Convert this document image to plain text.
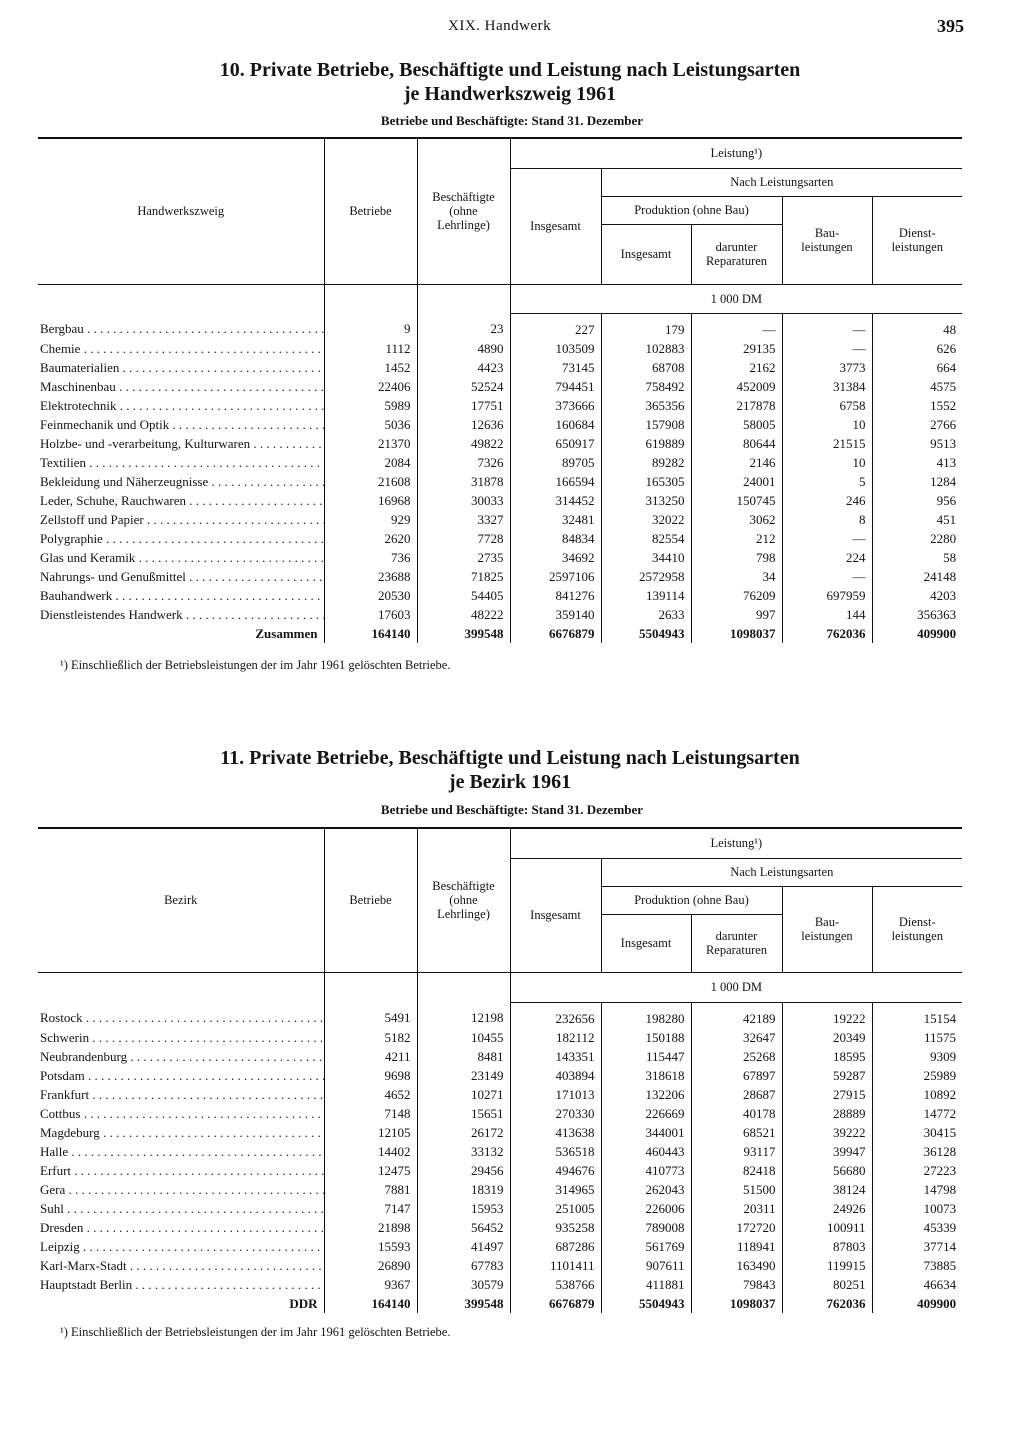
XIX. Handwerk	395
10. Private Betriebe, Beschäftigte und Leistung nach Leistungsarten
je Handwerkszweig 1961
Betriebe und Beschäftigte: Stand 31. Dezember
Handwerkszweig	Betriebe	Beschäftigte (ohne Lehrlinge)	Leistung¹)				
			Insgesamt	Nach Leistungsarten			
				Produktion (ohne Bau)		Bau-leistungen	Dienst-leistungen

				Insgesamt	darunter Reparaturen		

			1 000 DM				

Bergbau . . .	9	23	227	179	—	—	48

Chemie . . .	1112	4890	103509	102883	29135	—	626

Baumaterialien . . .	1452	4423	73145	68708	2162	3773	664

Maschinenbau . . .	22406	52524	794451	758492	452009	31384	4575

Elektrotechnik . . .	5989	17751	373666	365356	217878	6758	1552

Feinmechanik und Optik . . .	5036	12636	160684	157908	58005	10	2766

Holzbe- und -verarbeitung, Kulturwaren . . .	21370	49822	650917	619889	80644	21515	9513

Textilien . . .	2084	7326	89705	89282	2146	10	413

Bekleidung und Näherzeugnisse . . .	21608	31878	166594	165305	24001	5	1284

Leder, Schuhe, Rauchwaren . . .	16968	30033	314452	313250	150745	246	956

Zellstoff und Papier . . .	929	3327	32481	32022	3062	8	451

Polygraphie . . .	2620	7728	84834	82554	212	—	2280

Glas und Keramik . . .	736	2735	34692	34410	798	224	58

Nahrungs- und Genußmittel . . .	23688	71825	2597106	2572958	34	—	24148

Bauhandwerk . . .	20530	54405	841276	139114	76209	697959	4203

Dienstleistendes Handwerk . . .	17603	48222	359140	2633	997	144	356363
Zusammen	164140	399548	6676879	5504943	1098037	762036	409900
¹) Einschließlich der Betriebsleistungen der im Jahr 1961 gelöschten Betriebe.
11. Private Betriebe, Beschäftigte und Leistung nach Leistungsarten
je Bezirk 1961
Betriebe und Beschäftigte: Stand 31. Dezember
Bezirk	Betriebe	Beschäftigte (ohne Lehrlinge)	Leistung¹)				
			Insgesamt	Nach Leistungsarten			
				Produktion (ohne Bau)		Bau-leistungen	Dienst-leistungen

				Insgesamt	darunter Reparaturen		

			1 000 DM				

Rostock . . .	5491	12198	232656	198280	42189	19222	15154

Schwerin . . .	5182	10455	182112	150188	32647	20349	11575

Neubrandenburg . . .	4211	8481	143351	115447	25268	18595	9309

Potsdam . . .	9698	23149	403894	318618	67897	59287	25989

Frankfurt . . .	4652	10271	171013	132206	28687	27915	10892

Cottbus . . .	7148	15651	270330	226669	40178	28889	14772

Magdeburg . . .	12105	26172	413638	344001	68521	39222	30415

Halle . . .	14402	33132	536518	460443	93117	39947	36128

Erfurt . . .	12475	29456	494676	410773	82418	56680	27223

Gera . . .	7881	18319	314965	262043	51500	38124	14798

Suhl . . .	7147	15953	251005	226006	20311	24926	10073

Dresden . . .	21898	56452	935258	789008	172720	100911	45339

Leipzig . . .	15593	41497	687286	561769	118941	87803	37714

Karl-Marx-Stadt . . .	26890	67783	1101411	907611	163490	119915	73885

Hauptstadt Berlin . . .	9367	30579	538766	411881	79843	80251	46634
DDR	164140	399548	6676879	5504943	1098037	762036	409900
¹) Einschließlich der Betriebsleistungen der im Jahr 1961 gelöschten Betriebe.
